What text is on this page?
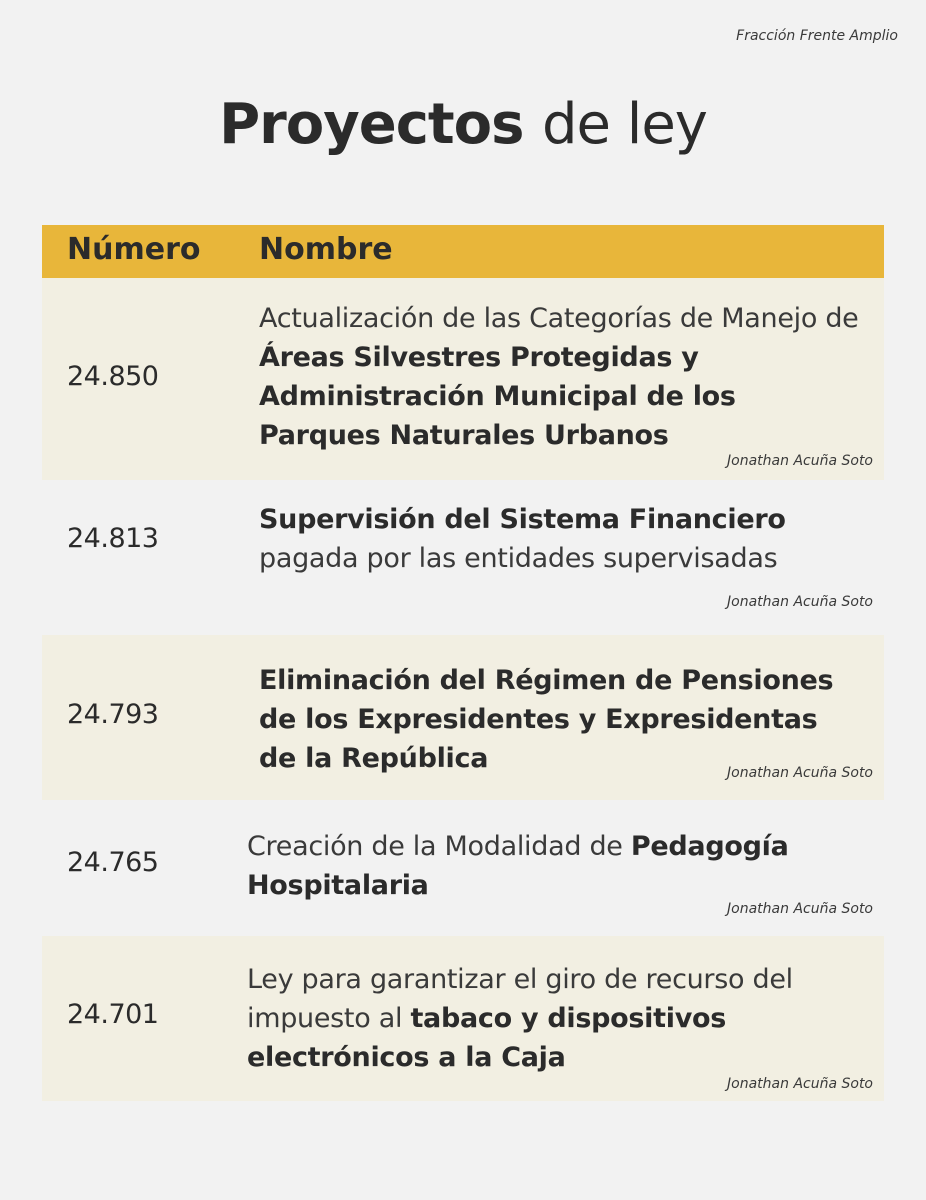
Fracción Frente Amplio
Proyectos de ley
Número Nombre
24.850
Actualización de las Categorías de Manejo de Áreas Silvestres Protegidas y Administración Municipal de los Parques Naturales Urbanos
Jonathan Acuña Soto
24.813
Supervisión del Sistema Financiero pagada por las entidades supervisadas
Jonathan Acuña Soto
24.793
Eliminación del Régimen de Pensiones de los Expresidentes y Expresidentas de la República	Jonathan Acuña Soto
24.765
Creación de la Modalidad de Pedagogía Hospitalaria
Jonathan Acuña Soto
24.701
Ley para garantizar el giro de recurso del impuesto al tabaco y dispositivos electrónicos a la Caja
Jonathan Acuña Soto
